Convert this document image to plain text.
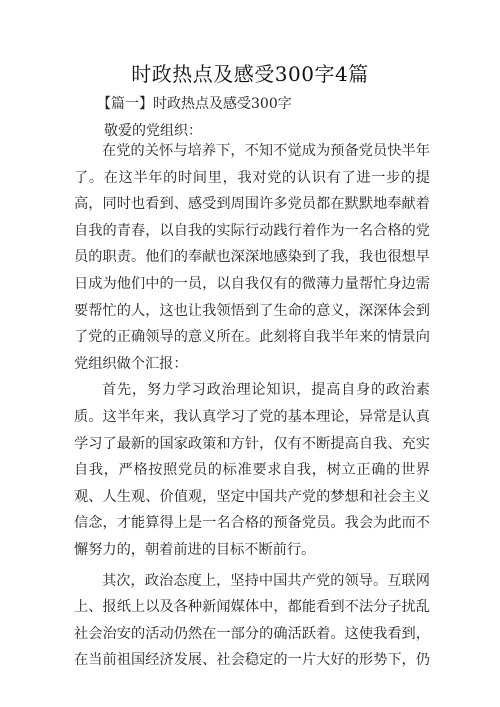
时政热点及感受300字4篇
【篇一】时政热点及感受300字
敬爱的党组织：
在党的关怀与培养下，不知不觉成为预备党员快半年
了。在这半年的时间里，我对党的认识有了进一步的提
高，同时也看到、感受到周围许多党员都在默默地奉献着
自我的青春，以自我的实际行动践行着作为一名合格的党
员的职责。他们的奉献也深深地感染到了我，我也很想早
日成为他们中的一员，以自我仅有的微薄力量帮忙身边需
要帮忙的人，这也让我领悟到了生命的意义，深深体会到
了党的正确领导的意义所在。此刻将自我半年来的情景向
党组织做个汇报：
首先，努力学习政治理论知识，提高自身的政治素
质。这半年来，我认真学习了党的基本理论，异常是认真
学习了最新的国家政策和方针，仅有不断提高自我、充实
自我，严格按照党员的标准要求自我，树立正确的世界
观、人生观、价值观，坚定中国共产党的梦想和社会主义
信念，才能算得上是一名合格的预备党员。我会为此而不
懈努力的，朝着前进的目标不断前行。
其次，政治态度上，坚持中国共产党的领导。互联网
上、报纸上以及各种新闻媒体中，都能看到不法分子扰乱
社会治安的活动仍然在一部分的确活跃着。这使我看到，
在当前祖国经济发展、社会稳定的一片大好的形势下，仍
